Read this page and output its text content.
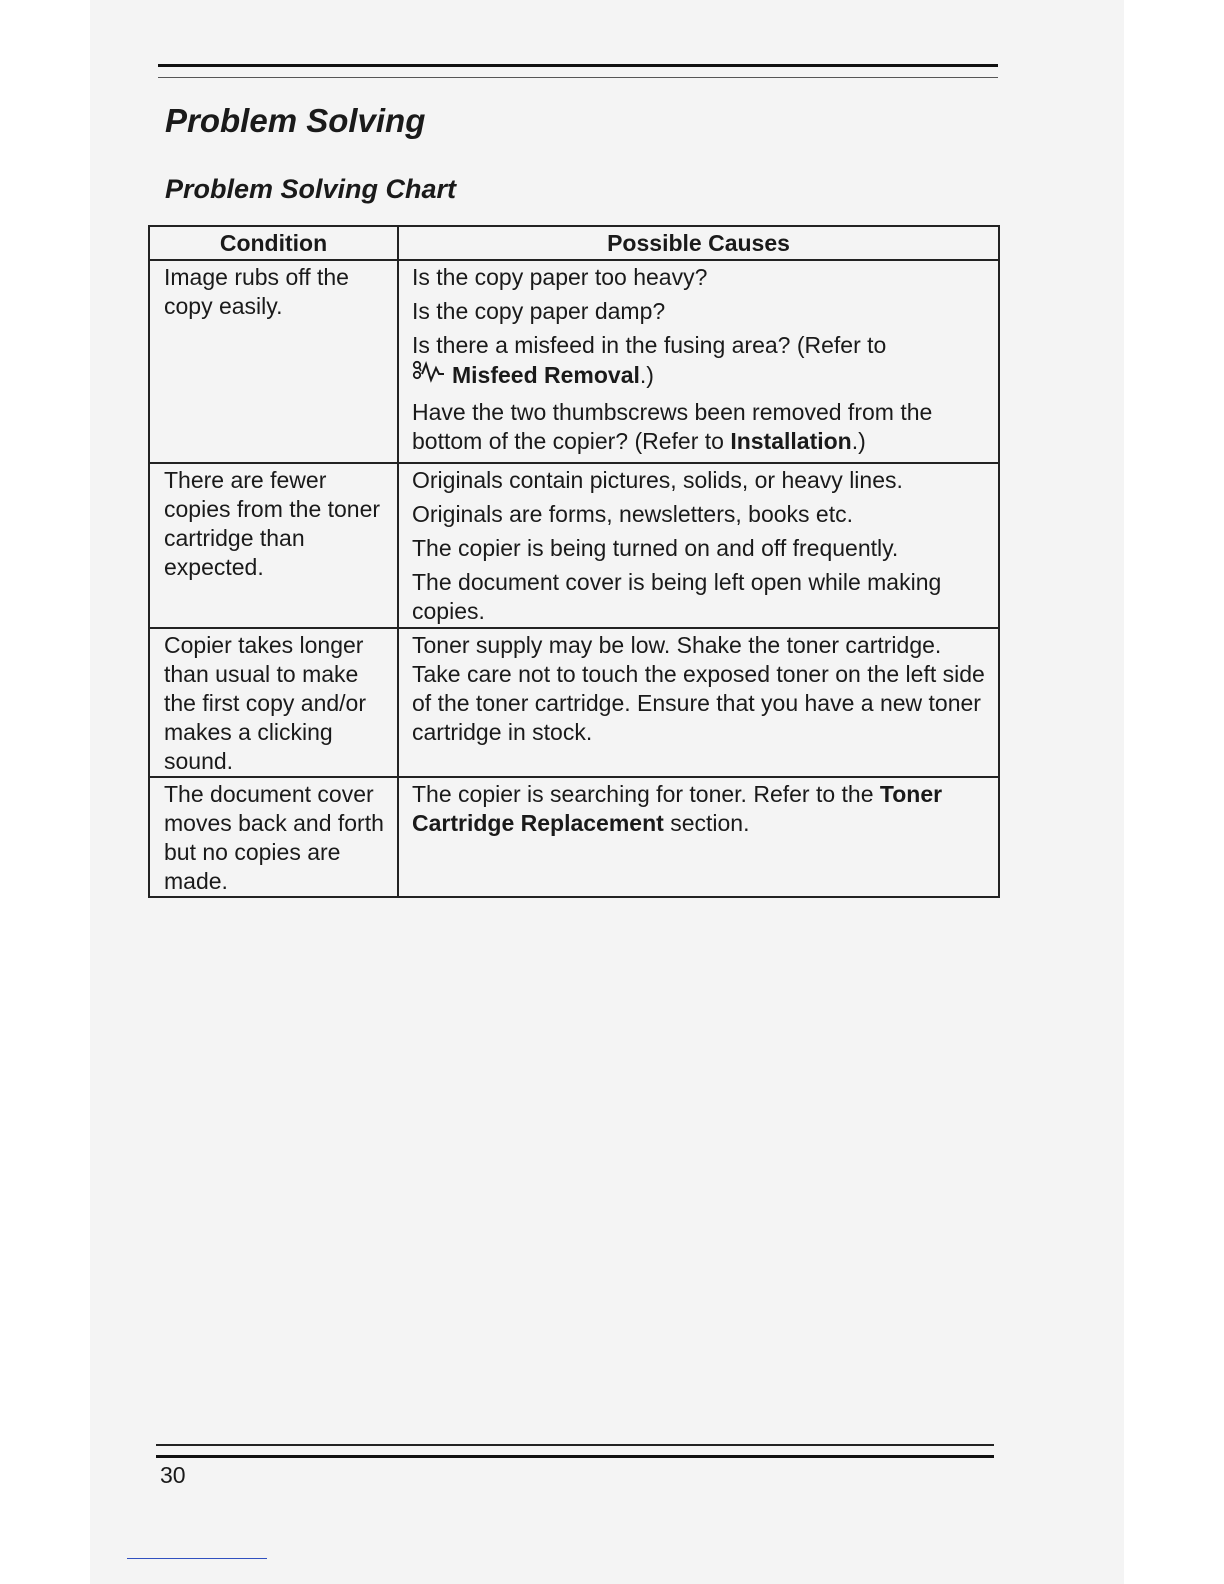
Problem Solving
Problem Solving Chart
Condition	Possible Causes
Image rubs off the copy easily.	Is the copy paper too heavy?

Is the copy paper damp?

Is there a misfeed in the fusing area? (Refer to
Misfeed Removal.)

Have the two thumbscrews been removed from the bottom of the copier? (Refer to Installation.)

There are fewer copies from the toner cartridge than expected.	Originals contain pictures, solids, or heavy lines.

Originals are forms, newsletters, books etc.

The copier is being turned on and off frequently.

The document cover is being left open while making copies.

Copier takes longer than usual to make the first copy and/or makes a clicking sound.	Toner supply may be low. Shake the toner cartridge. Take care not to touch the exposed toner on the left side of the toner cartridge. Ensure that you have a new toner cartridge in stock.

The document cover moves back and forth but no copies are made.	The copier is searching for toner. Refer to the Toner Cartridge Replacement section.

30
